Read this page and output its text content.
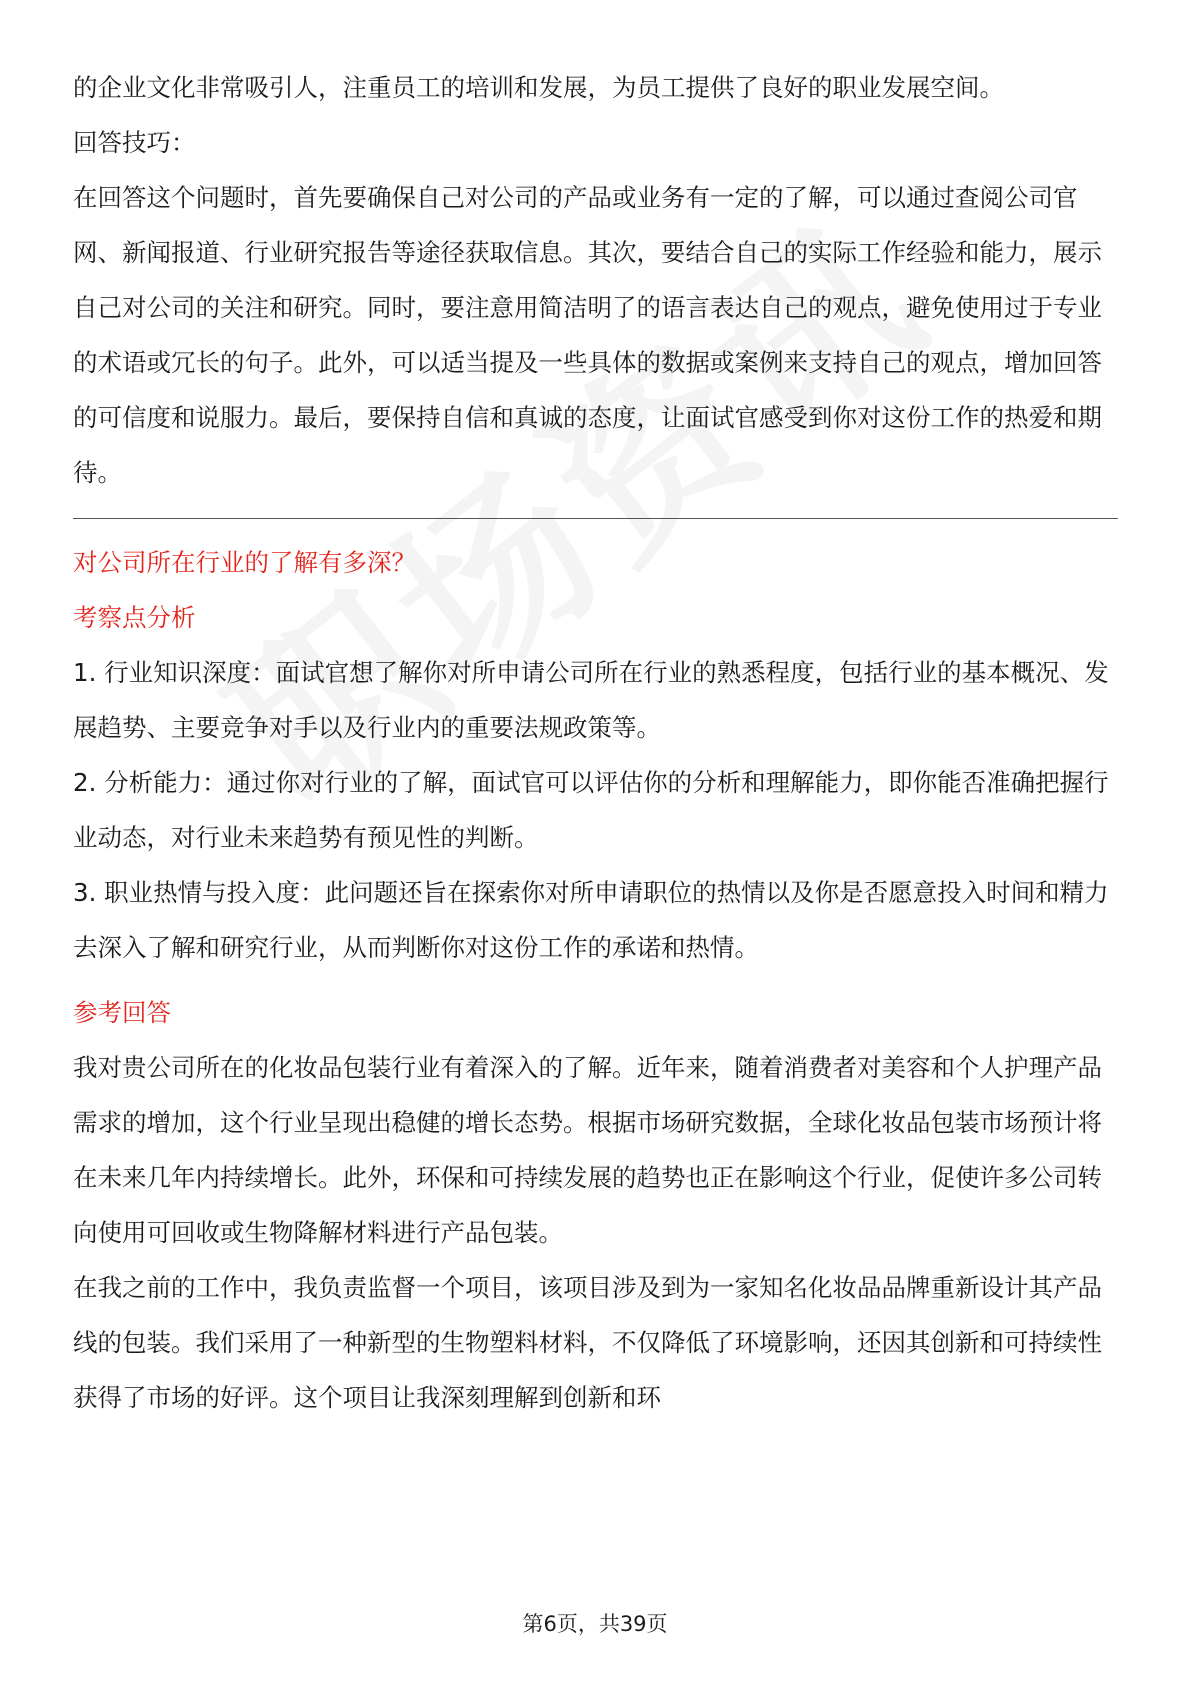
的企业文化非常吸引人，注重员工的培训和发展，为员工提供了良好的职业发展空间。

回答技巧：

在回答这个问题时，首先要确保自己对公司的产品或业务有一定的了解，可以通过查阅公司官网、新闻报道、行业研究报告等途径获取信息。其次，要结合自己的实际工作经验和能力，展示自己对公司的关注和研究。同时，要注意用简洁明了的语言表达自己的观点，避免使用过于专业的术语或冗长的句子。此外，可以适当提及一些具体的数据或案例来支持自己的观点，增加回答的可信度和说服力。最后，要保持自信和真诚的态度，让面试官感受到你对这份工作的热爱和期待。

对公司所在行业的了解有多深？

考察点分析

1. 行业知识深度：面试官想了解你对所申请公司所在行业的熟悉程度，包括行业的基本概况、发展趋势、主要竞争对手以及行业内的重要法规政策等。

2. 分析能力：通过你对行业的了解，面试官可以评估你的分析和理解能力，即你能否准确把握行业动态，对行业未来趋势有预见性的判断。

3. 职业热情与投入度：此问题还旨在探索你对所申请职位的热情以及你是否愿意投入时间和精力去深入了解和研究行业，从而判断你对这份工作的承诺和热情。

参考回答

我对贵公司所在的化妆品包装行业有着深入的了解。近年来，随着消费者对美容和个人护理产品需求的增加，这个行业呈现出稳健的增长态势。根据市场研究数据，全球化妆品包装市场预计将在未来几年内持续增长。此外，环保和可持续发展的趋势也正在影响这个行业，促使许多公司转向使用可回收或生物降解材料进行产品包装。

在我之前的工作中，我负责监督一个项目，该项目涉及到为一家知名化妆品品牌重新设计其产品线的包装。我们采用了一种新型的生物塑料材料，不仅降低了环境影响，还因其创新和可持续性获得了市场的好评。这个项目让我深刻理解到创新和环

第6页，共39页
